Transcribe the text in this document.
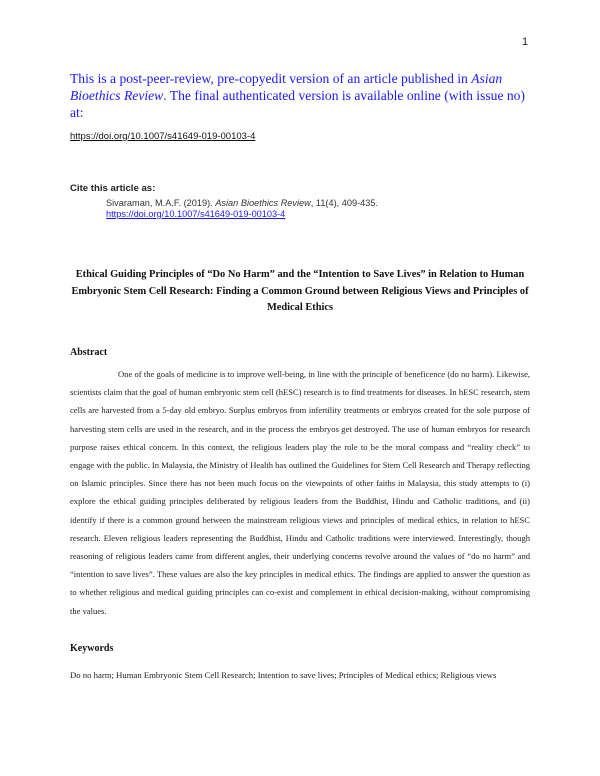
1

This is a post-peer-review, pre-copyedit version of an article published in Asian Bioethics Review. The final authenticated version is available online (with issue no) at:

https://doi.org/10.1007/s41649-019-00103-4
Cite this article as:
Sivaraman, M.A.F. (2019). Asian Bioethics Review, 11(4), 409-435.
https://doi.org/10.1007/s41649-019-00103-4
Ethical Guiding Principles of “Do No Harm” and the “Intention to Save Lives” in Relation to Human Embryonic Stem Cell Research: Finding a Common Ground between Religious Views and Principles of Medical Ethics
Abstract

One of the goals of medicine is to improve well-being, in line with the principle of beneficence (do no harm). Likewise, scientists claim that the goal of human embryonic stem cell (hESC) research is to find treatments for diseases. In hESC research, stem cells are harvested from a 5-day old embryo. Surplus embryos from infertility treatments or embryos created for the sole purpose of harvesting stem cells are used in the research, and in the process the embryos get destroyed. The use of human embryos for research purpose raises ethical concern. In this context, the religious leaders play the role to be the moral compass and “reality check” to engage with the public. In Malaysia, the Ministry of Health has outlined the Guidelines for Stem Cell Research and Therapy reflecting on Islamic principles. Since there has not been much focus on the viewpoints of other faiths in Malaysia, this study attempts to (i) explore the ethical guiding principles deliberated by religious leaders from the Buddhist, Hindu and Catholic traditions, and (ii) identify if there is a common ground between the mainstream religious views and principles of medical ethics, in relation to hESC research. Eleven religious leaders representing the Buddhist, Hindu and Catholic traditions were interviewed. Interestingly, though reasoning of religious leaders came from different angles, their underlying concerns revolve around the values of “do no harm” and “intention to save lives”. These values are also the key principles in medical ethics. The findings are applied to answer the question as to whether religious and medical guiding principles can co-exist and complement in ethical decision-making, without compromising the values.

Keywords

Do no harm; Human Embryonic Stem Cell Research; Intention to save lives; Principles of Medical ethics; Religious views
